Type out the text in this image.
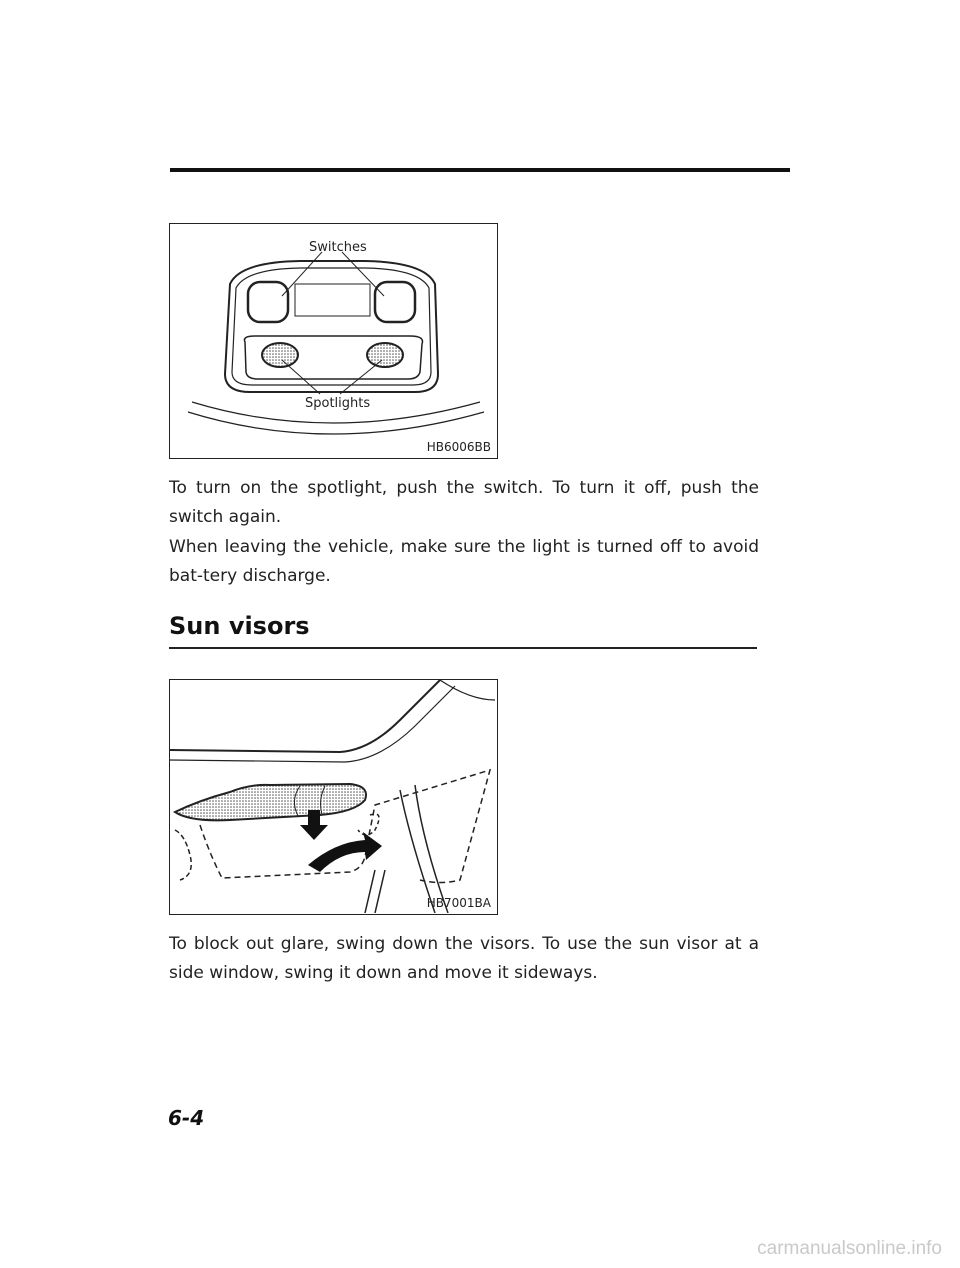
Switches
Spotlights
HB6006BB

To turn on the spotlight, push the switch. To turn it off, push the switch again.

When leaving the vehicle, make sure the light is turned off to avoid bat-tery discharge.

Sun visors
HB7001BA

To block out glare, swing down the visors. To use the sun visor at a side window, swing it down and move it sideways.

6-4
carmanualsonline.info
